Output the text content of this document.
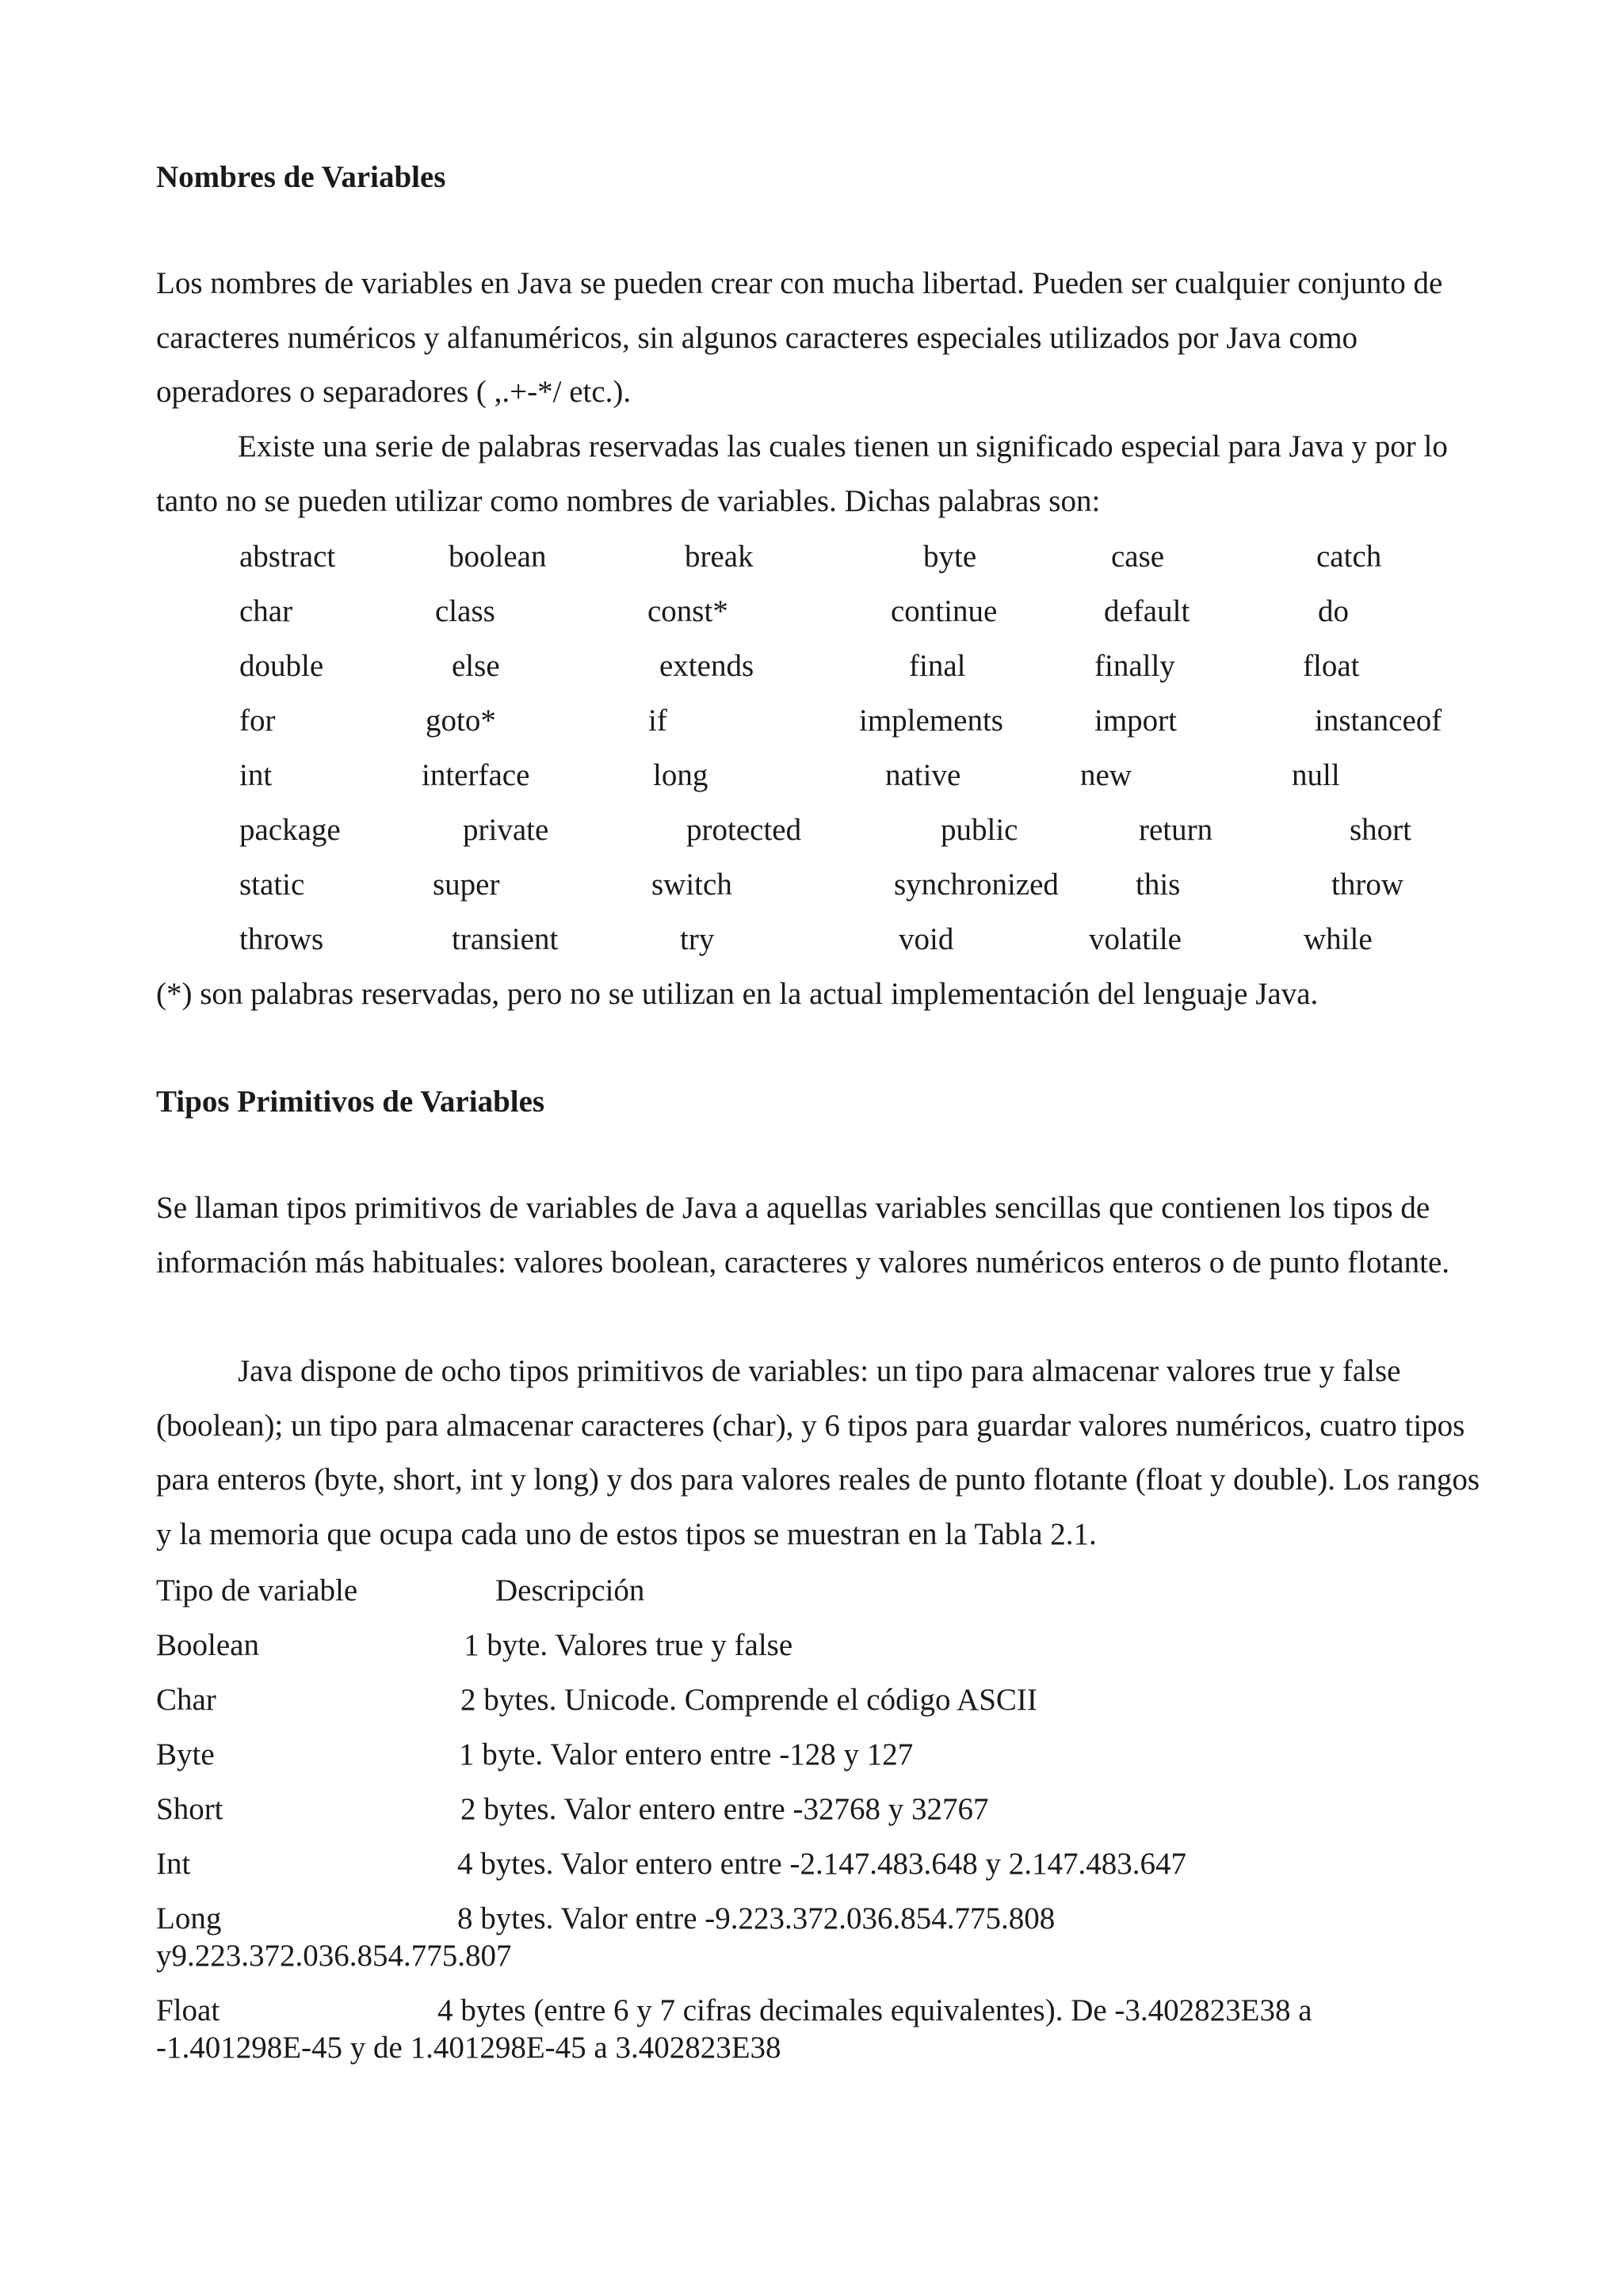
Nombres de Variables

Los nombres de variables en Java se pueden crear con mucha libertad. Pueden ser cualquier conjunto de caracteres numéricos y alfanuméricos, sin algunos caracteres especiales utilizados por Java como operadores o separadores ( ,.+-*/ etc.).

Existe una serie de palabras reservadas las cuales tienen un significado especial para Java y por lo tanto no se pueden utilizar como nombres de variables. Dichas palabras son:

abstract	boolean	break	byte	case	catch
char	class	const*	continue	default	do
double	else	extends	final	finally	float
for	goto*	if	implements	import	instanceof
int	interface	long	native	new	null
package	private	protected	public	return	short
static	super	switch	synchronized this	throw
throws	transient	try	void	volatile	while

(*) son palabras reservadas, pero no se utilizan en la actual implementación del lenguaje Java.

Tipos Primitivos de Variables

Se llaman tipos primitivos de variables de Java a aquellas variables sencillas que contienen los tipos de información más habituales: valores boolean, caracteres y valores numéricos enteros o de punto flotante.

Java dispone de ocho tipos primitivos de variables: un tipo para almacenar valores true y false (boolean); un tipo para almacenar caracteres (char), y 6 tipos para guardar valores numéricos, cuatro tipos para enteros (byte, short, int y long) y dos para valores reales de punto flotante (float y double). Los rangos y la memoria que ocupa cada uno de estos tipos se muestran en la Tabla 2.1.

Tipo de variable	Descripción
Boolean	1 byte. Valores true y false
Char	2 bytes. Unicode. Comprende el código ASCII
Byte	1 byte. Valor entero entre -128 y 127
Short	2 bytes. Valor entero entre -32768 y 32767
Int	4 bytes. Valor entero entre -2.147.483.648 y 2.147.483.647
Long	8 bytes. Valor entre -9.223.372.036.854.775.808
y9.223.372.036.854.775.807
Float	4 bytes (entre 6 y 7 cifras decimales equivalentes). De -3.402823E38 a
-1.401298E-45 y de 1.401298E-45 a 3.402823E38
